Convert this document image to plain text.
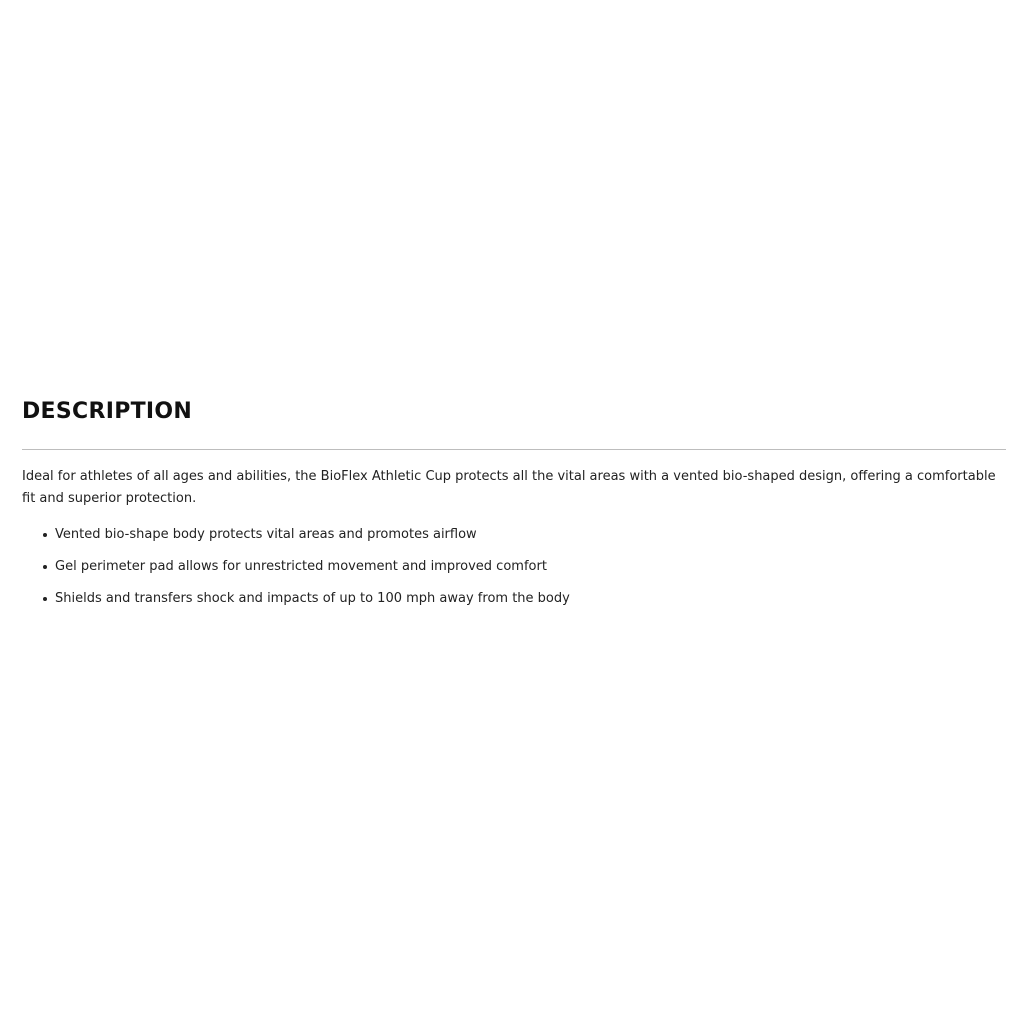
DESCRIPTION

Ideal for athletes of all ages and abilities, the BioFlex Athletic Cup protects all the vital areas with a vented bio-shaped design, offering a comfortable fit and superior protection.

Vented bio-shape body protects vital areas and promotes airflow
Gel perimeter pad allows for unrestricted movement and improved comfort
Shields and transfers shock and impacts of up to 100 mph away from the body
